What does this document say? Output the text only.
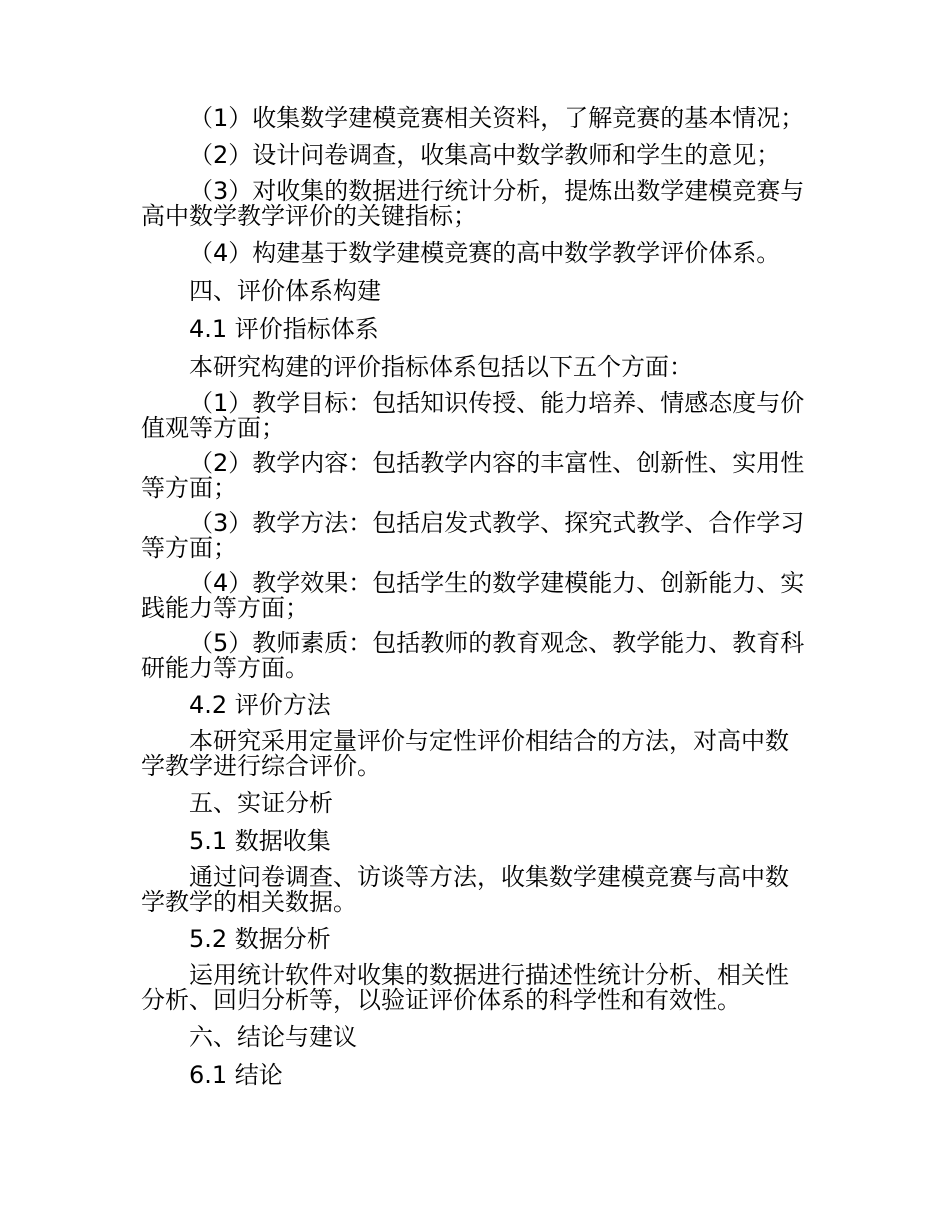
（1）收集数学建模竞赛相关资料，了解竞赛的基本情况；

（2）设计问卷调查，收集高中数学教师和学生的意见；

（3）对收集的数据进行统计分析，提炼出数学建模竞赛与高中数学教学评价的关键指标；

（4）构建基于数学建模竞赛的高中数学教学评价体系。

四、评价体系构建

4.1 评价指标体系

本研究构建的评价指标体系包括以下五个方面：

（1）教学目标：包括知识传授、能力培养、情感态度与价值观等方面；

（2）教学内容：包括教学内容的丰富性、创新性、实用性等方面；

（3）教学方法：包括启发式教学、探究式教学、合作学习等方面；

（4）教学效果：包括学生的数学建模能力、创新能力、实践能力等方面；

（5）教师素质：包括教师的教育观念、教学能力、教育科研能力等方面。

4.2 评价方法

本研究采用定量评价与定性评价相结合的方法，对高中数学教学进行综合评价。

五、实证分析

5.1 数据收集

通过问卷调查、访谈等方法，收集数学建模竞赛与高中数学教学的相关数据。

5.2 数据分析

运用统计软件对收集的数据进行描述性统计分析、相关性分析、回归分析等，以验证评价体系的科学性和有效性。

六、结论与建议

6.1 结论
